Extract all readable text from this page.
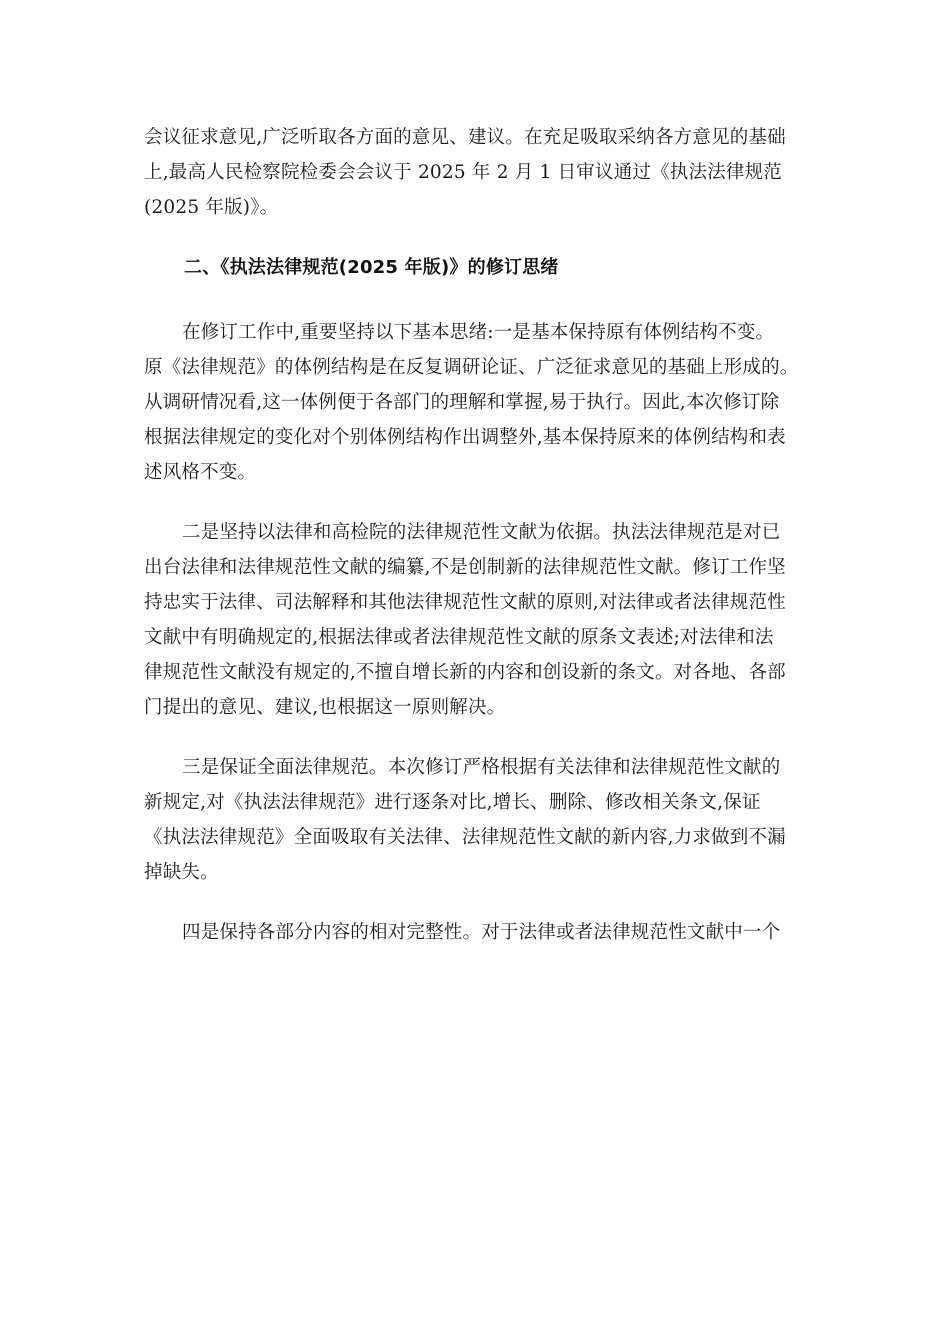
会议征求意见,广泛听取各方面的意见、建议。在充足吸取采纳各方意见的基础
上,最高人民检察院检委会会议于 2025 年 2 月 1 日审议通过《执法法律规范
(2025 年版)》。
二、《执法法律规范(2025 年版)》的修订思绪
在修订工作中,重要坚持以下基本思绪:一是基本保持原有体例结构不变。
原《法律规范》的体例结构是在反复调研论证、广泛征求意见的基础上形成的。
从调研情况看,这一体例便于各部门的理解和掌握,易于执行。因此,本次修订除
根据法律规定的变化对个别体例结构作出调整外,基本保持原来的体例结构和表
述风格不变。
二是坚持以法律和高检院的法律规范性文献为依据。执法法律规范是对已
出台法律和法律规范性文献的编纂,不是创制新的法律规范性文献。修订工作坚
持忠实于法律、司法解释和其他法律规范性文献的原则,对法律或者法律规范性
文献中有明确规定的,根据法律或者法律规范性文献的原条文表述;对法律和法
律规范性文献没有规定的,不擅自增长新的内容和创设新的条文。对各地、各部
门提出的意见、建议,也根据这一原则解决。
三是保证全面法律规范。本次修订严格根据有关法律和法律规范性文献的
新规定,对《执法法律规范》进行逐条对比,增长、删除、修改相关条文,保证
《执法法律规范》全面吸取有关法律、法律规范性文献的新内容,力求做到不漏
掉缺失。
四是保持各部分内容的相对完整性。对于法律或者法律规范性文献中一个
